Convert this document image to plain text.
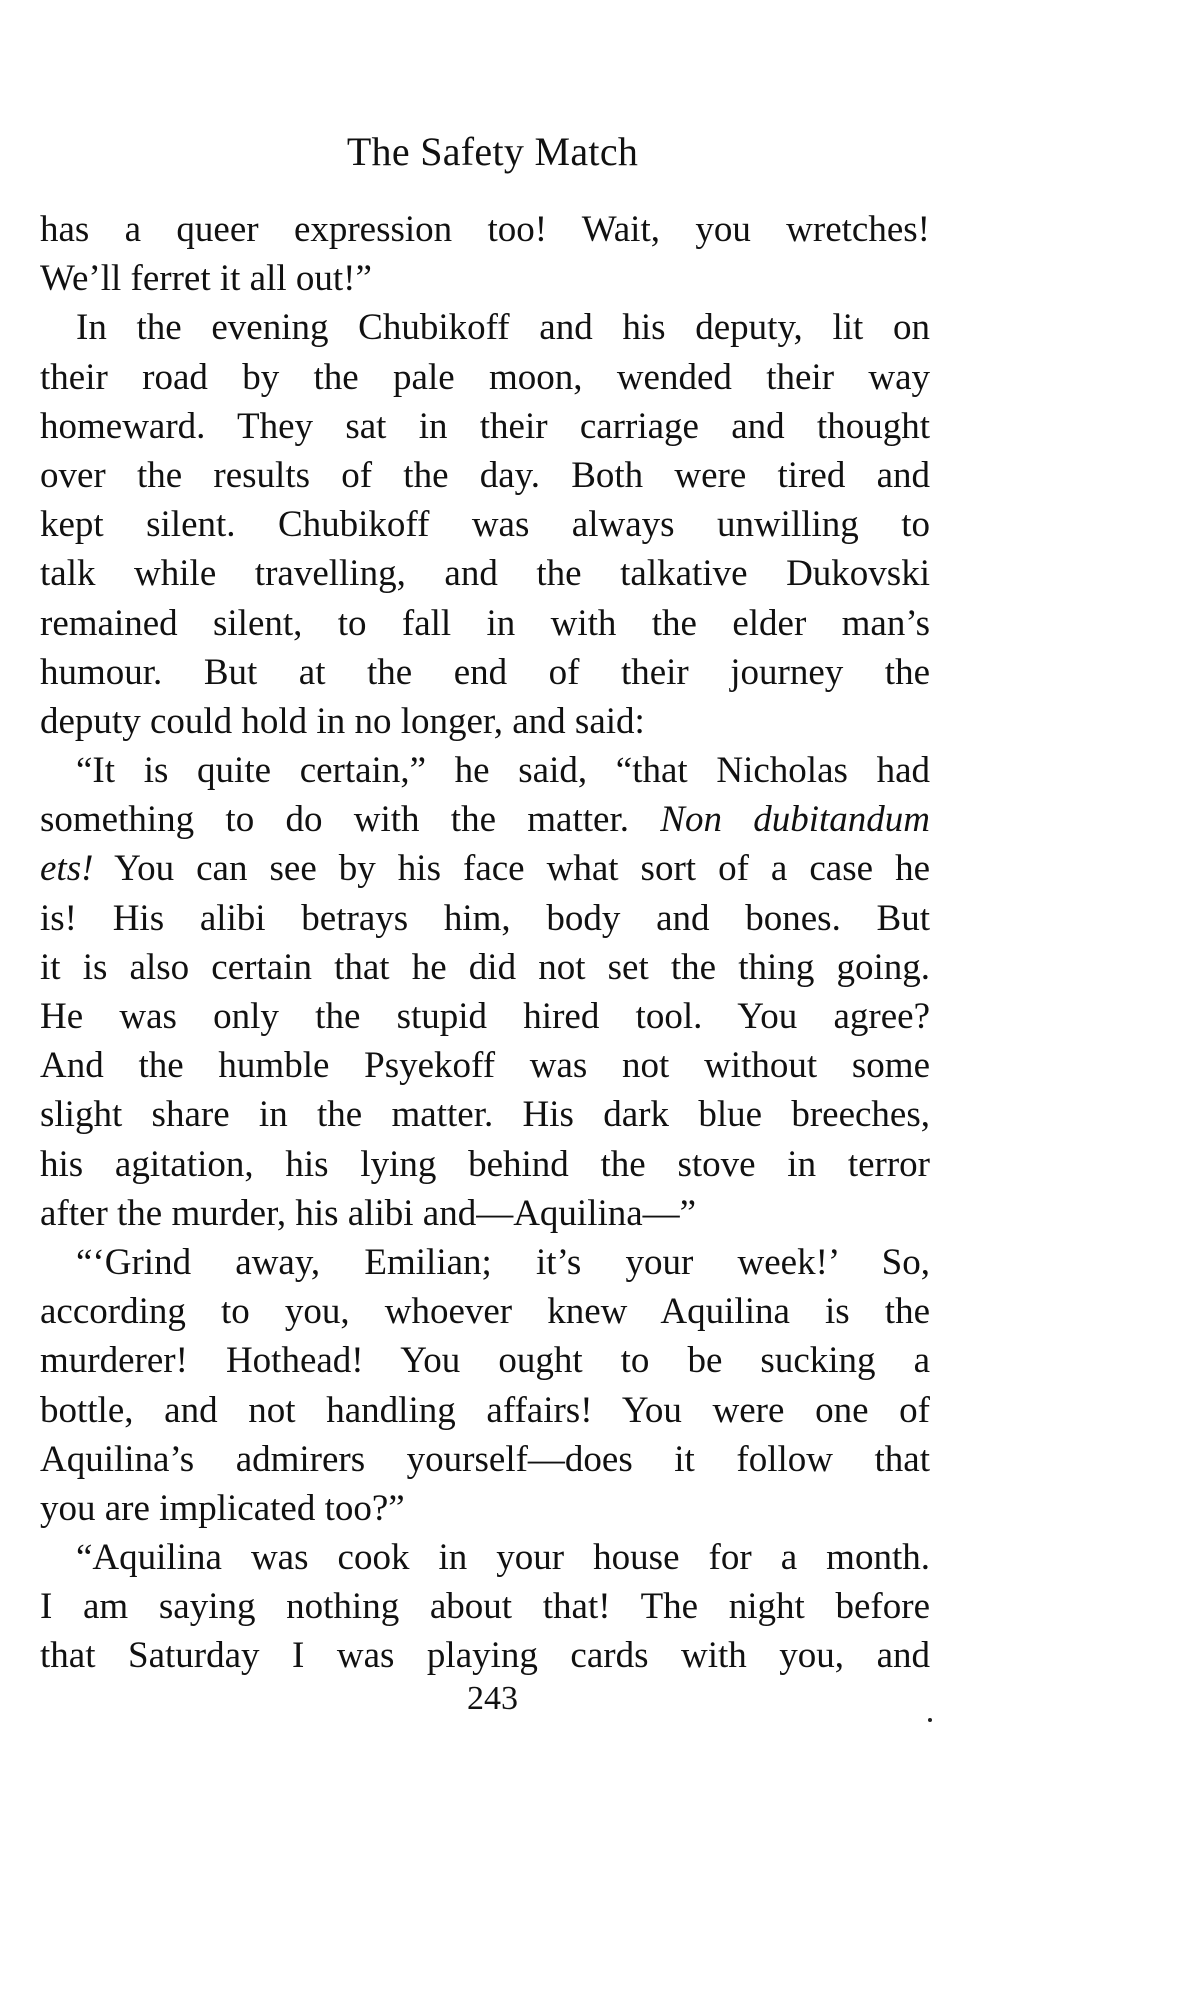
The Safety Match
has a queer expression too! Wait, you wretches!
We’ll ferret it all out!”
In the evening Chubikoff and his deputy, lit on
their road by the pale moon, wended their way
homeward. They sat in their carriage and thought
over the results of the day. Both were tired and
kept silent. Chubikoff was always unwilling to
talk while travelling, and the talkative Dukovski
remained silent, to fall in with the elder man’s
humour. But at the end of their journey the
deputy could hold in no longer, and said:
“It is quite certain,” he said, “that Nicholas had
something to do with the matter. Non dubitandum
ets! You can see by his face what sort of a case he
is! His alibi betrays him, body and bones. But
it is also certain that he did not set the thing going.
He was only the stupid hired tool. You agree?
And the humble Psyekoff was not without some
slight share in the matter. His dark blue breeches,
his agitation, his lying behind the stove in terror
after the murder, his alibi and—Aquilina—”
“‘Grind away, Emilian; it’s your week!’ So,
according to you, whoever knew Aquilina is the
murderer! Hothead! You ought to be sucking a
bottle, and not handling affairs! You were one of
Aquilina’s admirers yourself—does it follow that
you are implicated too?”
“Aquilina was cook in your house for a month.
I am saying nothing about that! The night before
that Saturday I was playing cards with you, and
243
